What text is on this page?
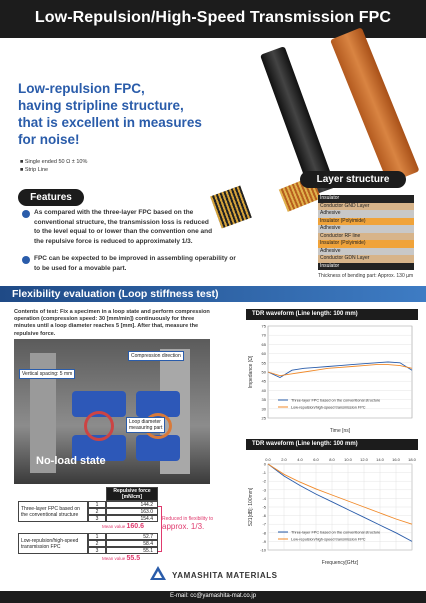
Low-Repulsion/High-Speed Transmission FPC
Low-repulsion FPC,
having stripline structure,
that is excellent in measures
for noise!
■ Single ended 50 Ω ± 10%
■ Strip Line
Layer structure
Insulator
Conductor GND Layer
Adhesive
Insulator (Polyimide)
Adhesive
Conductor RF line
Insulator (Polyimide)
Adhesive
Conductor GDN Layer
Insulator
Thickness of bending part: Approx. 130 µm
Features
As compared with the three-layer FPC based on the
conventional structure, the transmission loss is reduced
to the level equal to or lower than the convention one and
the repulsive force is reduced to approximately 1/3.
FPC can be expected to be improved in assembling operability or
to be used for a movable part.
Flexibility evaluation (Loop stiffness test)
Contents of test: Fix a specimen in a loop state and perform compression
operation (compression speed: 30 [mm/min]) continuously for three
minutes until a loop diameter reaches 5 [mm]. After that, measure the
repulsive force.
Compression direction
Vertical spacing: 5 mm
Loop diameter
measuring part
No-load state
Repulsive force
[mN/cm]
Three-layer FPC based on
the conventional structure
1	144.2
2	163.0
3	154.4
Mean value 160.6
Low-repulsion/high-speed
transmission FPC
1	52.7
2	58.4
3	55.1
Mean value 55.5
Reduced in flexibility to
approx. 1/3.
TDR waveform (Line length: 100 mm)
75
70
65
60
55
50
45
40
35
30
25
Three-layer FPC based on the conventional structure
Low-repulsion/high-speed transmission FPC
Time [ns]
Impedance [Ω]
TDR waveform (Line length: 100 mm)
0
-1
-2
-3
-4
-5
-6
-7
-8
-9
-10
0.0	2.0	4.0	6.0	8.0 10.0 12.0 14.0 16.0 18.0
Three-layer FPC based on the conventional structure
Low-repulsion/high-speed transmission FPC
Frequency[GHz]
S21[dB]: 100mm]
YAMASHITA MATERIALS
E-mail: cc@yamashita-mat.co.jp
